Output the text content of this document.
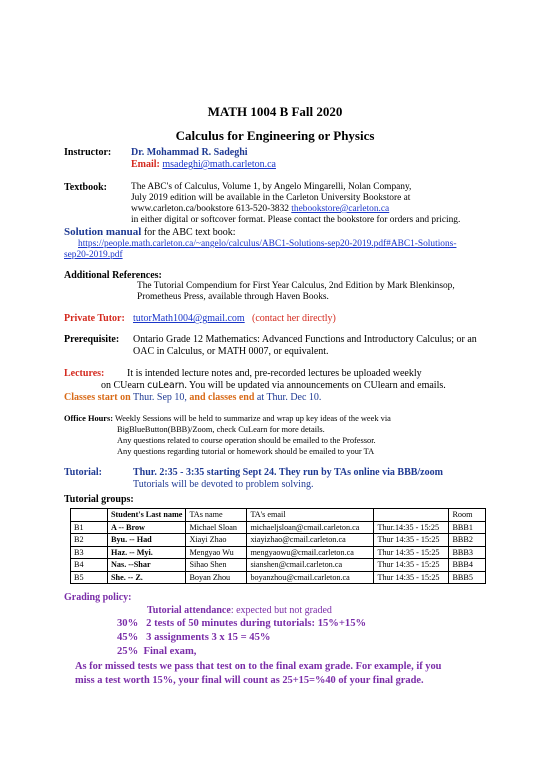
MATH 1004 B Fall 2020
Calculus for Engineering or Physics
Instructor: Dr. Mohammad R. Sadeghi
Email: msadeghi@math.carleton.ca
Textbook:	The ABC's of Calculus, Volume 1, by Angelo Mingarelli, Nolan Company,
July 2019 edition will be available in the Carleton University Bookstore at
www.carleton.ca/bookstore 613-520-3832 thebookstore@carleton.ca
in either digital or softcover format. Please contact the bookstore for orders and pricing.
Solution manual for the ABC text book:
https://people.math.carleton.ca/~angelo/calculus/ABC1-Solutions-sep20-2019.pdf#ABC1-Solutions-
sep20-2019.pdf
Additional References:
The Tutorial Compendium for First Year Calculus, 2nd Edition by Mark Blenkinsop,
Prometheus Press, available through Haven Books.
Private Tutor: tutorMath1004@gmail.com (contact her directly)
Prerequisite: Ontario Grade 12 Mathematics: Advanced Functions and Introductory Calculus; or an
OAC in Calculus, or MATH 0007, or equivalent.
Lectures: It is intended lecture notes and, pre-recorded lectures be uploaded weekly
on CUearn cuLearn. You will be updated via announcements on CUlearn and emails.
Classes start on Thur. Sep 10, and classes end at Thur. Dec 10.
Office Hours: Weekly Sessions will be held to summarize and wrap up key ideas of the week via
BigBlueButton(BBB)/Zoom, check CuLearn for more details.
Any questions related to course operation should be emailed to the Professor.
Any questions regarding tutorial or homework should be emailed to your TA
Tutorial:	Thur. 2:35 - 3:35 starting Sept 24. They run by TAs online via BBB/zoom
Tutorials will be devoted to problem solving.
Tutorial groups:
	Student's Last name	TAs name	TA's email		Room
B1	A -- Brow	Michael Sloan	michaeljsloan@cmail.carleton.ca	Thur.14:35 - 15:25	BBB1
B2	Byu. -- Had	Xiayi Zhao	xiayizhao@cmail.carleton.ca	Thur 14:35 - 15:25	BBB2
B3	Haz. -- Myi.	Mengyao Wu	mengyaowu@cmail.carleton.ca	Thur 14:35 - 15:25	BBB3
B4	Nas. --Shar	Sihao Shen	sianshen@cmail.carleton.ca	Thur 14:35 - 15:25	BBB4
B5	She. -- Z.	Boyan Zhou	boyanzhou@cmail.carleton.ca	Thur 14:35 - 15:25	BBB5
Grading policy:
Tutorial attendance: expected but not graded
30%   2 tests of 50 minutes during tutorials: 15%+15%
45%   3 assignments 3 x 15 = 45%
25%  Final exam,
As for missed tests we pass that test on to the final exam grade. For example, if you
miss a test worth 15%, your final will count as 25+15=%40 of your final grade.
